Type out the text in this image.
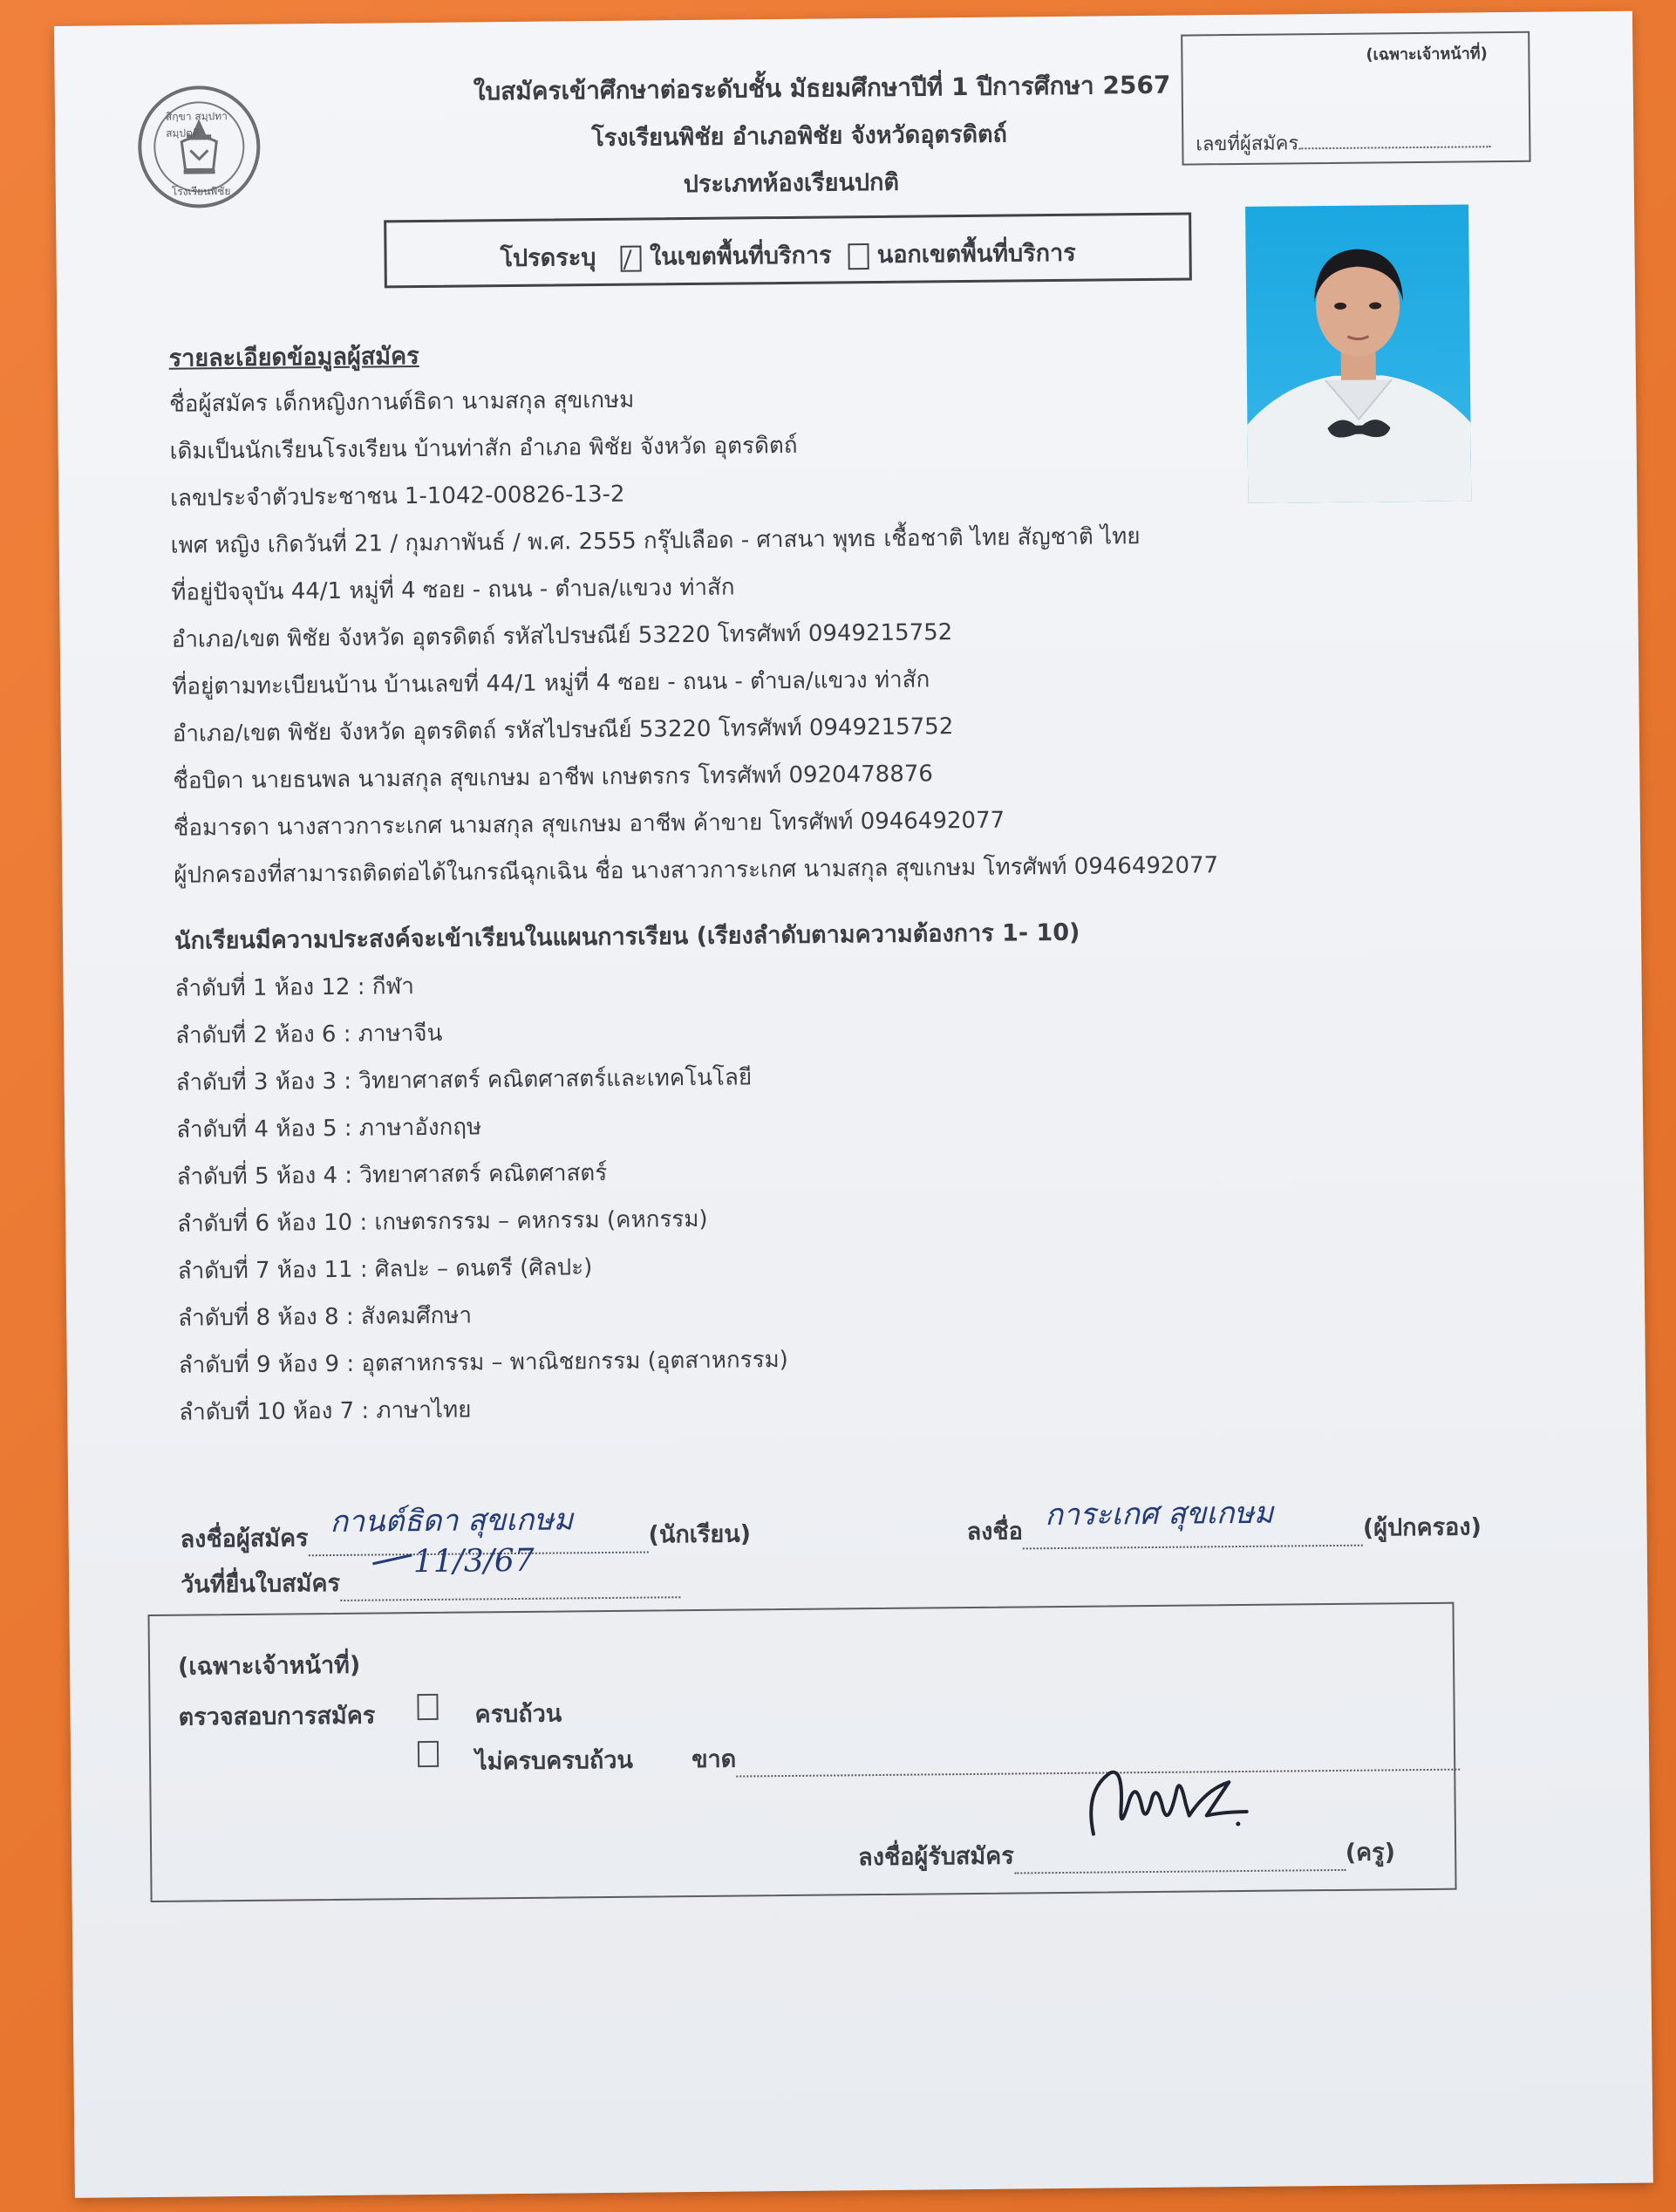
สิกฺขา สมฺปทา สมฺปตฺติ
โรงเรียนพิชัย
ใบสมัครเข้าศึกษาต่อระดับชั้น มัธยมศึกษาปีที่ 1 ปีการศึกษา 2567
โรงเรียนพิชัย อำเภอพิชัย จังหวัดอุตรดิตถ์
ประเภทห้องเรียนปกติ
(เฉพาะเจ้าหน้าที่)
เลขที่ผู้สมัคร
โปรดระบุ ในเขตพื้นที่บริการ นอกเขตพื้นที่บริการ
รายละเอียดข้อมูลผู้สมัคร
ชื่อผู้สมัคร เด็กหญิงกานต์ธิดา นามสกุล สุขเกษม
เดิมเป็นนักเรียนโรงเรียน บ้านท่าสัก อำเภอ พิชัย จังหวัด อุตรดิตถ์
เลขประจำตัวประชาชน 1-1042-00826-13-2
เพศ หญิง เกิดวันที่ 21 / กุมภาพันธ์ / พ.ศ. 2555 กรุ๊ปเลือด - ศาสนา พุทธ เชื้อชาติ ไทย สัญชาติ ไทย
ที่อยู่ปัจจุบัน 44/1 หมู่ที่ 4 ซอย - ถนน - ตำบล/แขวง ท่าสัก
อำเภอ/เขต พิชัย จังหวัด อุตรดิตถ์ รหัสไปรษณีย์ 53220 โทรศัพท์ 0949215752
ที่อยู่ตามทะเบียนบ้าน บ้านเลขที่ 44/1 หมู่ที่ 4 ซอย - ถนน - ตำบล/แขวง ท่าสัก
อำเภอ/เขต พิชัย จังหวัด อุตรดิตถ์ รหัสไปรษณีย์ 53220 โทรศัพท์ 0949215752
ชื่อบิดา นายธนพล นามสกุล สุขเกษม อาชีพ เกษตรกร โทรศัพท์ 0920478876
ชื่อมารดา นางสาวการะเกศ นามสกุล สุขเกษม อาชีพ ค้าขาย โทรศัพท์ 0946492077
ผู้ปกครองที่สามารถติดต่อได้ในกรณีฉุกเฉิน ชื่อ นางสาวการะเกศ นามสกุล สุขเกษม โทรศัพท์ 0946492077
นักเรียนมีความประสงค์จะเข้าเรียนในแผนการเรียน (เรียงลำดับตามความต้องการ 1- 10)
ลำดับที่ 1 ห้อง 12 : กีฬา
ลำดับที่ 2 ห้อง 6 : ภาษาจีน
ลำดับที่ 3 ห้อง 3 : วิทยาศาสตร์ คณิตศาสตร์และเทคโนโลยี
ลำดับที่ 4 ห้อง 5 : ภาษาอังกฤษ
ลำดับที่ 5 ห้อง 4 : วิทยาศาสตร์ คณิตศาสตร์
ลำดับที่ 6 ห้อง 10 : เกษตรกรรม – คหกรรม (คหกรรม)
ลำดับที่ 7 ห้อง 11 : ศิลปะ – ดนตรี (ศิลปะ)
ลำดับที่ 8 ห้อง 8 : สังคมศึกษา
ลำดับที่ 9 ห้อง 9 : อุตสาหกรรม – พาณิชยกรรม (อุตสาหกรรม)
ลำดับที่ 10 ห้อง 7 : ภาษาไทย
ลงชื่อผู้สมัคร	(นักเรียน)
กานต์ธิดา สุขเกษม	ลงชื่อ	(ผู้ปกครอง)
การะเกศ สุขเกษม
วันที่ยื่นใบสมัคร
11/3/67
(เฉพาะเจ้าหน้าที่)
ตรวจสอบการสมัคร	ครบถ้วน
ไม่ครบครบถ้วน ขาด
ลงชื่อผู้รับสมัคร	(ครู)
